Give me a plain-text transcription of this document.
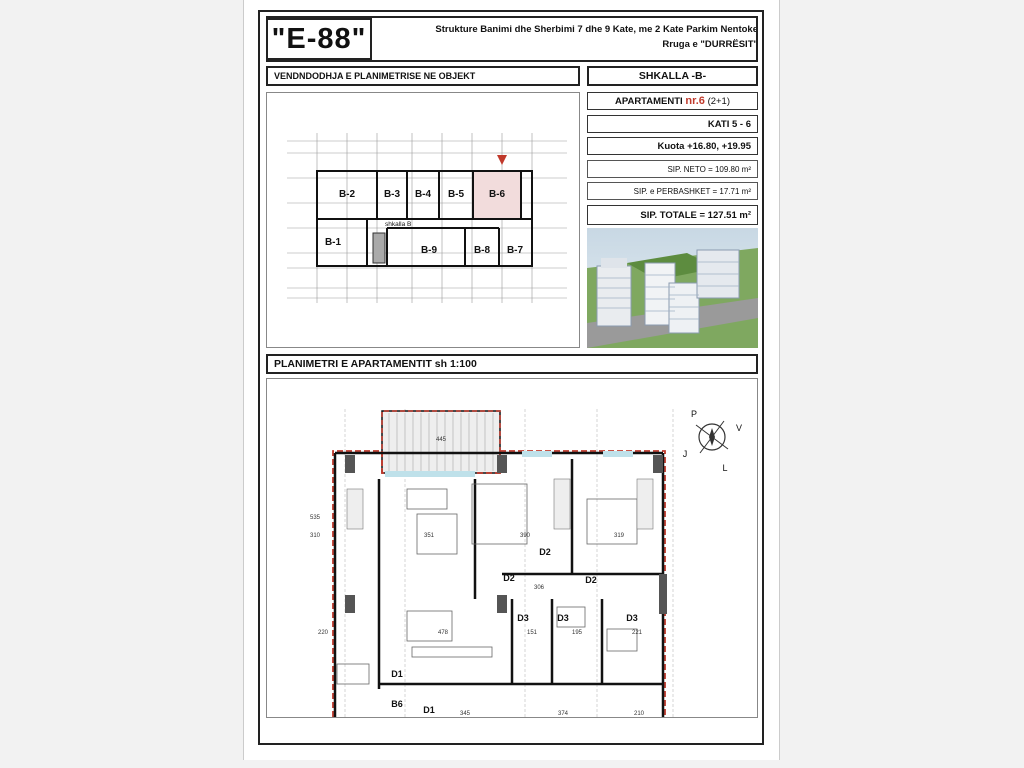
"E-88"	Strukture Banimi dhe Sherbimi 7 dhe 9 Kate, me 2 Kate Parkim Nentoke
Rruga e "DURRËSIT"
VENDNDODHJA E PLANIMETRISE NE OBJEKT	SHKALLA -B-
APARTAMENTI
nr.6
(2+1)
KATI 5 - 6
Kuota +16.80, +19.95
SIP. NETO = 109.80 m²
SIP. e PERBASHKET = 17.71 m²
SIP. TOTALE = 127.51 m²
B-2	B-3 B-4 B-5 B-6
B-1
B-9	B-8 B-7
shkalla B
PLANIMETRI E APARTAMENTIT sh 1:100
P
V
J
L
D2
D2	D2
D3	D3	D3
D1
D1
B6
445
351	390	319
306
478	151	195	221
374
345	210
535
310
220
